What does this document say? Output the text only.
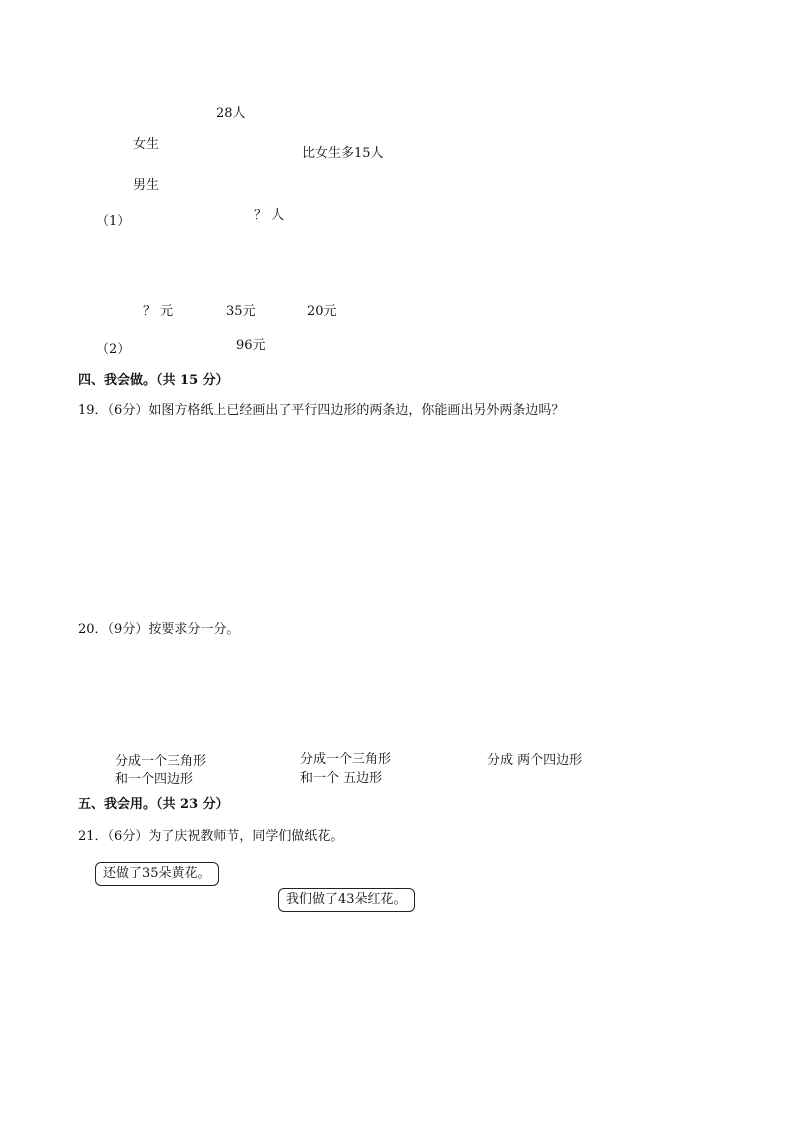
28人
女生
比女生多15人
男生
？ 人
（1）
？ 元	35元	20元
96元
（2）
四、我会做。（共 15 分）
19．（6分）如图方格纸上已经画出了平行四边形的两条边，你能画出另外两条边吗？
20．（9分）按要求分一分。
分成一个三角形
和一个四边形
分成一个三角形
和一个 五边形
分成 两个四边形
五、我会用。（共 23 分）
21．（6分）为了庆祝教师节，同学们做纸花。
还做了35朵黄花。
我们做了43朵红花。
